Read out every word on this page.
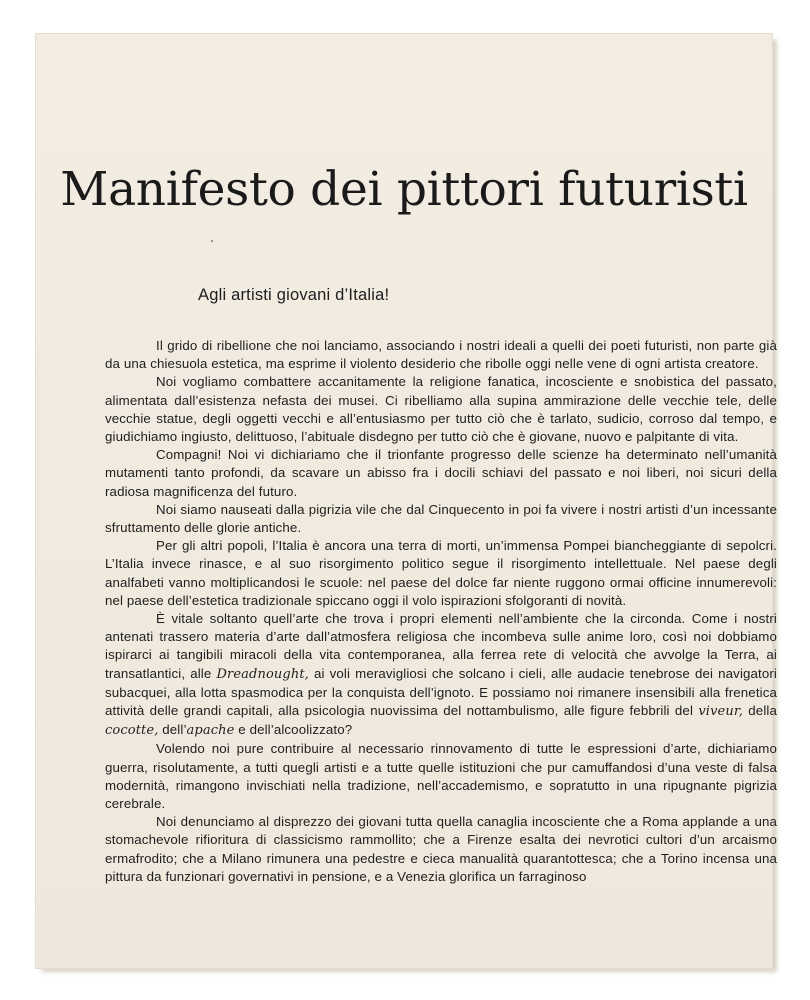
Manifesto dei pittori futuristi
Agli artisti giovani d’Italia!

Il grido di ribellione che noi lanciamo, associando i nostri ideali a quelli dei poeti futuristi, non parte già da una chiesuola estetica, ma esprime il violento desiderio che ribolle oggi nelle vene di ogni artista creatore.

Noi vogliamo combattere accanitamente la religione fanatica, incosciente e snobistica del passato, alimentata dall’esistenza nefasta dei musei. Ci ribelliamo alla supina ammirazione delle vecchie tele, delle vecchie statue, degli oggetti vecchi e all’entusiasmo per tutto ciò che è tarlato, sudicio, corroso dal tempo, e giudichiamo ingiusto, delittuoso, l’abituale disdegno per tutto ciò che è giovane, nuovo e palpitante di vita.

Compagni! Noi vi dichiariamo che il trionfante progresso delle scienze ha determinato nell’umanità mutamenti tanto profondi, da scavare un abisso fra i docili schiavi del passato e noi liberi, noi sicuri della radiosa magnificenza del futuro.

Noi siamo nauseati dalla pigrizia vile che dal Cinquecento in poi fa vivere i nostri artisti d’un incessante sfruttamento delle glorie antiche.

Per gli altri popoli, l’Italia è ancora una terra di morti, un’immensa Pompei biancheggiante di sepolcri. L’Italia invece rinasce, e al suo risorgimento politico segue il risorgimento intellettuale. Nel paese degli analfabeti vanno moltiplicandosi le scuole: nel paese del dolce far niente ruggono ormai officine innumerevoli: nel paese dell’estetica tradizionale spiccano oggi il volo ispirazioni sfolgoranti di novità.

È vitale soltanto quell’arte che trova i propri elementi nell’ambiente che la circonda. Come i nostri antenati trassero materia d’arte dall’atmosfera religiosa che incombeva sulle anime loro, così noi dobbiamo ispirarci ai tangibili miracoli della vita contemporanea, alla ferrea rete di velocità che avvolge la Terra, ai transatlantici, alle Dreadnought, ai voli meravigliosi che solcano i cieli, alle audacie tenebrose dei navigatori subacquei, alla lotta spasmodica per la conquista dell’ignoto. E possiamo noi rimanere insensibili alla frenetica attività delle grandi capitali, alla psicologia nuovissima del nottambulismo, alle figure febbrili del viveur, della cocotte, dell’apache e dell’alcoolizzato?

Volendo noi pure contribuire al necessario rinnovamento di tutte le espressioni d’arte, dichiariamo guerra, risolutamente, a tutti quegli artisti e a tutte quelle istituzioni che pur camuffandosi d’una veste di falsa modernità, rimangono invischiati nella tradizione, nell’accademismo, e sopratutto in una ripugnante pigrizia cerebrale.

Noi denunciamo al disprezzo dei giovani tutta quella canaglia incosciente che a Roma applande a una stomachevole rifioritura di classicismo rammollito; che a Firenze esalta dei nevrotici cultori d’un arcaismo ermafrodito; che a Milano rimunera una pedestre e cieca manualità quarantottesca; che a Torino incensa una pittura da funzionari governativi in pensione, e a Venezia glorifica un farraginoso
